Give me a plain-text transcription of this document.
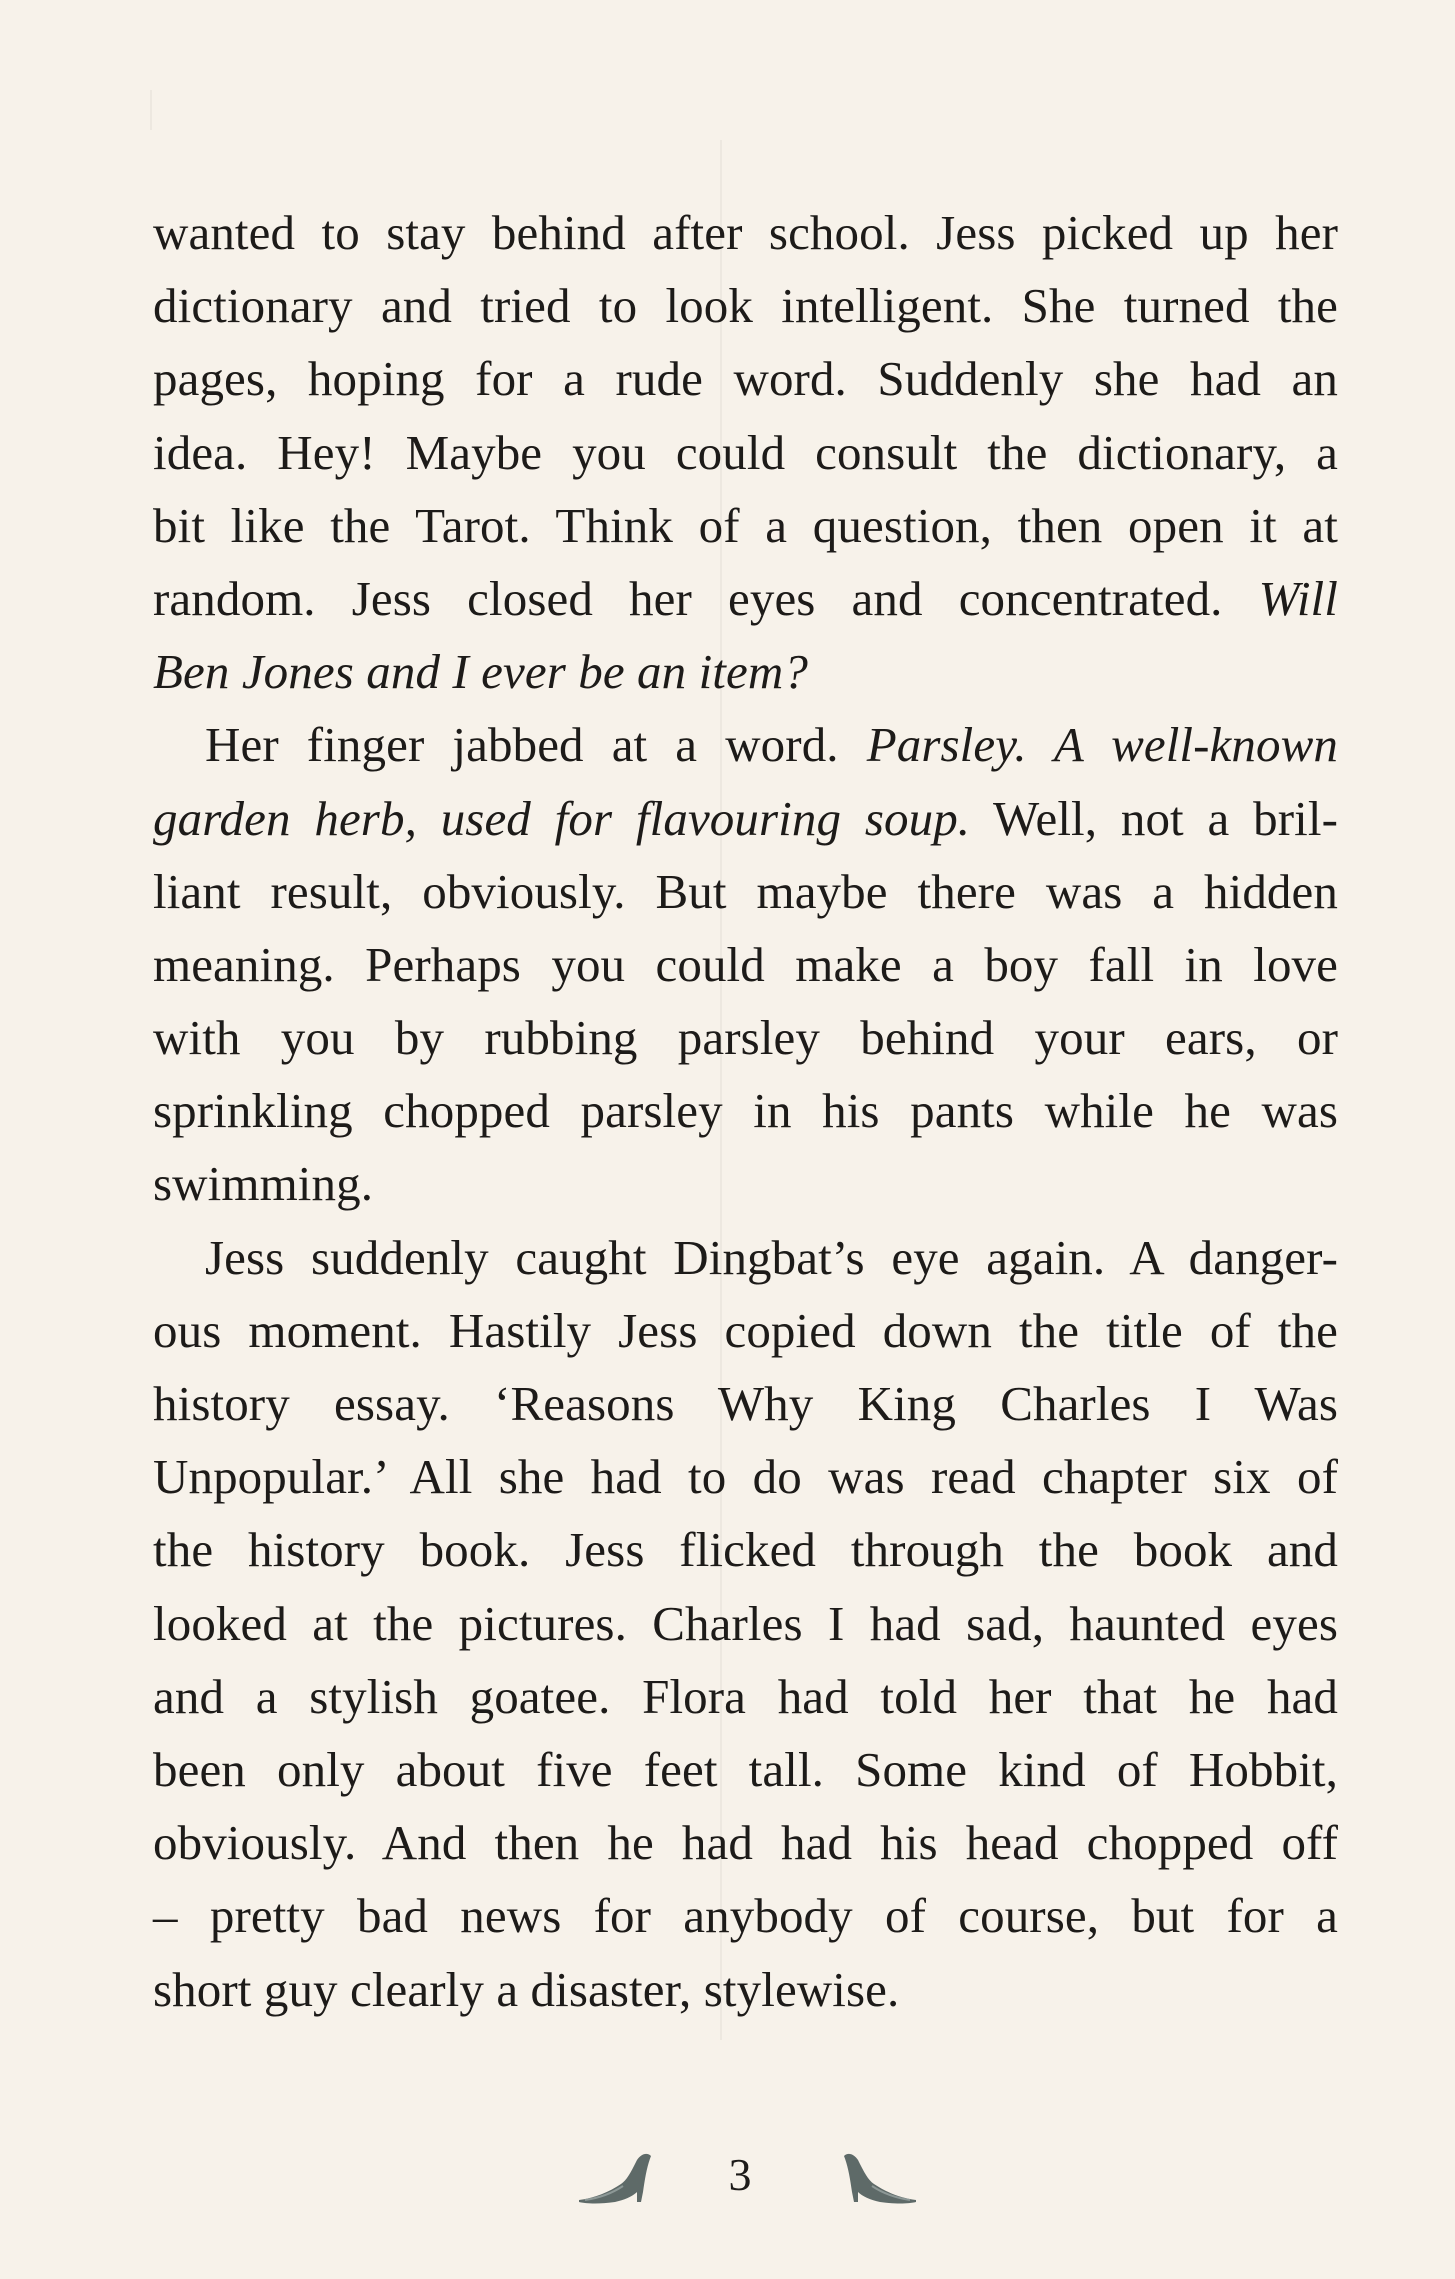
wanted to stay behind after school. Jess picked up her
dictionary and tried to look intelligent. She turned the
pages, hoping for a rude word. Suddenly she had an
idea. Hey! Maybe you could consult the dictionary, a
bit like the Tarot. Think of a question, then open it at
random. Jess closed her eyes and concentrated. Will
Ben Jones and I ever be an item?
Her finger jabbed at a word. Parsley. A well-known
garden herb, used for flavouring soup. Well, not a bril-
liant result, obviously. But maybe there was a hidden
meaning. Perhaps you could make a boy fall in love
with you by rubbing parsley behind your ears, or
sprinkling chopped parsley in his pants while he was
swimming.
Jess suddenly caught Dingbat’s eye again. A danger-
ous moment. Hastily Jess copied down the title of the
history essay. ‘Reasons Why King Charles I Was
Unpopular.’ All she had to do was read chapter six of
the history book. Jess flicked through the book and
looked at the pictures. Charles I had sad, haunted eyes
and a stylish goatee. Flora had told her that he had
been only about five feet tall. Some kind of Hobbit,
obviously. And then he had had his head chopped off
– pretty bad news for anybody of course, but for a
short guy clearly a disaster, stylewise.
3
